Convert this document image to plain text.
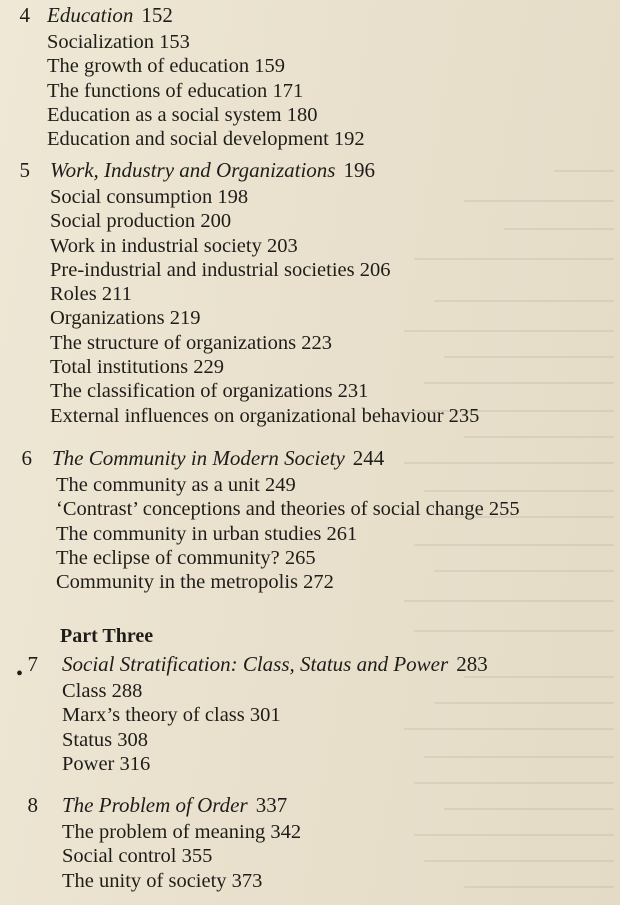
4 Education 152
Socialization 153
The growth of education 159
The functions of education 171
Education as a social system 180
Education and social development 192
5 Work, Industry and Organizations 196
Social consumption 198
Social production 200
Work in industrial society 203
Pre-industrial and industrial societies 206
Roles 211
Organizations 219
The structure of organizations 223
Total institutions 229
The classification of organizations 231
External influences on organizational behaviour 235
6 The Community in Modern Society 244
The community as a unit 249
‘Contrast’ conceptions and theories of social change 255
The community in urban studies 261
The eclipse of community? 265
Community in the metropolis 272
Part Three
• 7 Social Stratification: Class, Status and Power 283
Class 288
Marx’s theory of class 301
Status 308
Power 316
8 The Problem of Order 337
The problem of meaning 342
Social control 355
The unity of society 373
